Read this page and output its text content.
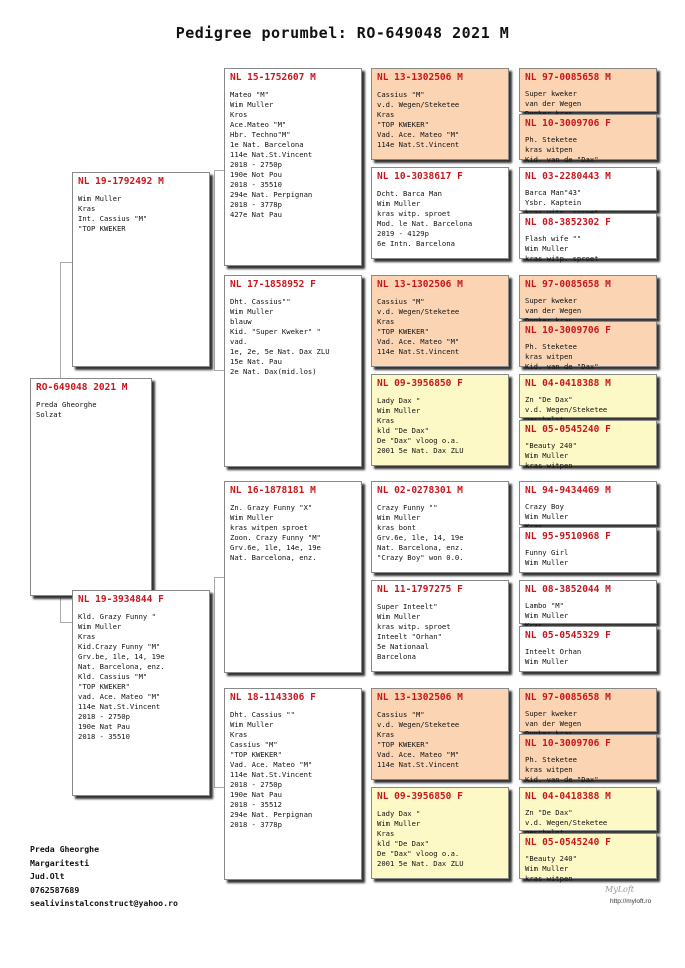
Pedigree porumbel: RO-649048 2021 M
RO-649048 2021 M
Preda Gheorghe
Solzat
NL 19-1792492 M
Wim Muller
Kras
Int. Cassius "M"
"TOP KWEKER
NL 19-3934844 F
Kld. Grazy Funny "
Wim Muller
Kras
Kid.Crazy Funny "M"
Grv.be, 1le, 14, 19e
Nat. Barcelona, enz.
Kld. Cassius "M"
"TOP KWEKER"
vad. Ace. Mateo "M"
114e Nat.St.Vincent
2018 - 2750p
190e Nat Pau
2018 - 35510
NL 15-1752607 M
Mateo "M"
Wim Muller
Kros
Ace.Mateo "M"
Hbr. Techno"M"
1e Nat. Barcelona
114e Nat.St.Vincent
2018 - 2750p
190e Not Pou
2018 - 35510
294e Nat. Perpignan
2018 - 3778p
427e Nat Pau
NL 17-1858952 F
Dht. Cassius""
Wim Muller
blauw
Kid. "Super Kweker" "
vad.
1e, 2e, 5e Nat. Dax ZLU
15e Nat. Pau
2e Nat. Dax(mid.los)
NL 16-1878181 M
Zn. Grazy Funny "X"
Wim Muller
kras witpen sproet
Zoon. Crazy Funny "M"
Grv.6e, 1le, 14e, 19e
Nat. Barcelona, enz.
NL 18-1143306 F
Dht. Cassius ""
Wim Muller
Kras
Cassius "M"
"TOP KWEKER"
Vad. Ace. Mateo "M"
114e Nat.St.Vincent
2018 - 2750p
190e Nat Pau
2018 - 35512
294e Nat. Perpignan
2018 - 3778p
NL 13-1302506 M
Cassius "M"
v.d. Wegen/Steketee
Kras
"TOP KWEKER"
Vad. Ace. Mateo "M"
114e Nat.St.Vincent
NL 10-3038617 F
Dcht. Barca Man
Wim Muller
kras witp. sproet
Mod. le Nat. Barcelona
2019 - 4129p
6e Intn. Barcelona
NL 13-1302506 M
Cassius "M"
v.d. Wegen/Steketee
Kras
"TOP KWEKER"
Vad. Ace. Mateo "M"
114e Nat.St.Vincent
NL 09-3956850 F
Lady Dax "
Wim Muller
Kras
kld "De Dax"
De "Dax" vloog o.a.
2001 5e Nat. Dax ZLU
NL 02-0278301 M
Crazy Funny ""
Wim Muller
kras bont
Grv.6e, 1le, 14, 19e
Nat. Barcelona, enz.
"Crazy Boy" won 0.0.
NL 11-1797275 F
Super Inteelt"
Wim Muller
kras witp. sproet
Inteelt "Orhan"
5e Nationaal
Barcelona
NL 13-1302506 M
Cassius "M"
v.d. Wegen/Steketee
Kras
"TOP KWEKER"
Vad. Ace. Mateo "M"
114e Nat.St.Vincent
NL 09-3956850 F
Lady Dax "
Wim Muller
Kras
kld "De Dax"
De "Dax" vloog o.a.
2001 5e Nat. Dax ZLU
NL 97-0085658 M
Super kweker
van der Wegen

NL 10-3009706 F
Ph. Steketee
kras witpen
Kid. van de "Dax"
NL 03-2280443 M
Barca Man"43"
Ysbr. Kaptein

NL 08-3852302 F
Flash wife ""
Wim Muller
kras witp. sproet
NL 97-0085658 M
Super kweker
van der Wegen

NL 10-3009706 F
Ph. Steketee
kras witpen
Kid. van de "Dax"
NL 04-0418388 M
Zn "De Dax"
v.d. Wegen/Steketee

NL 05-0545240 F
"Beauty 240"
Wim Muller
kras witpen
NL 94-9434469 M
Crazy Boy
Wim Muller

NL 95-9510968 F
Funny Girl
Wim Muller
NL 08-3852044 M
Lambo "M"
Wim Muller

NL 05-0545329 F
Inteelt Orhan
Wim Muller
NL 97-0085658 M
Super kweker
van der Wegen

NL 10-3009706 F
Ph. Steketee
kras witpen
Kid. van de "Dax"
NL 04-0418388 M
Zn "De Dax"
v.d. Wegen/Steketee

NL 05-0545240 F
"Beauty 240"
Wim Muller
kras witpen
Preda Gheorghe
Margaritesti
Jud.Olt
0762587689
sealivinstalconstruct@yahoo.ro
MyLoft
http://myloft.ro
